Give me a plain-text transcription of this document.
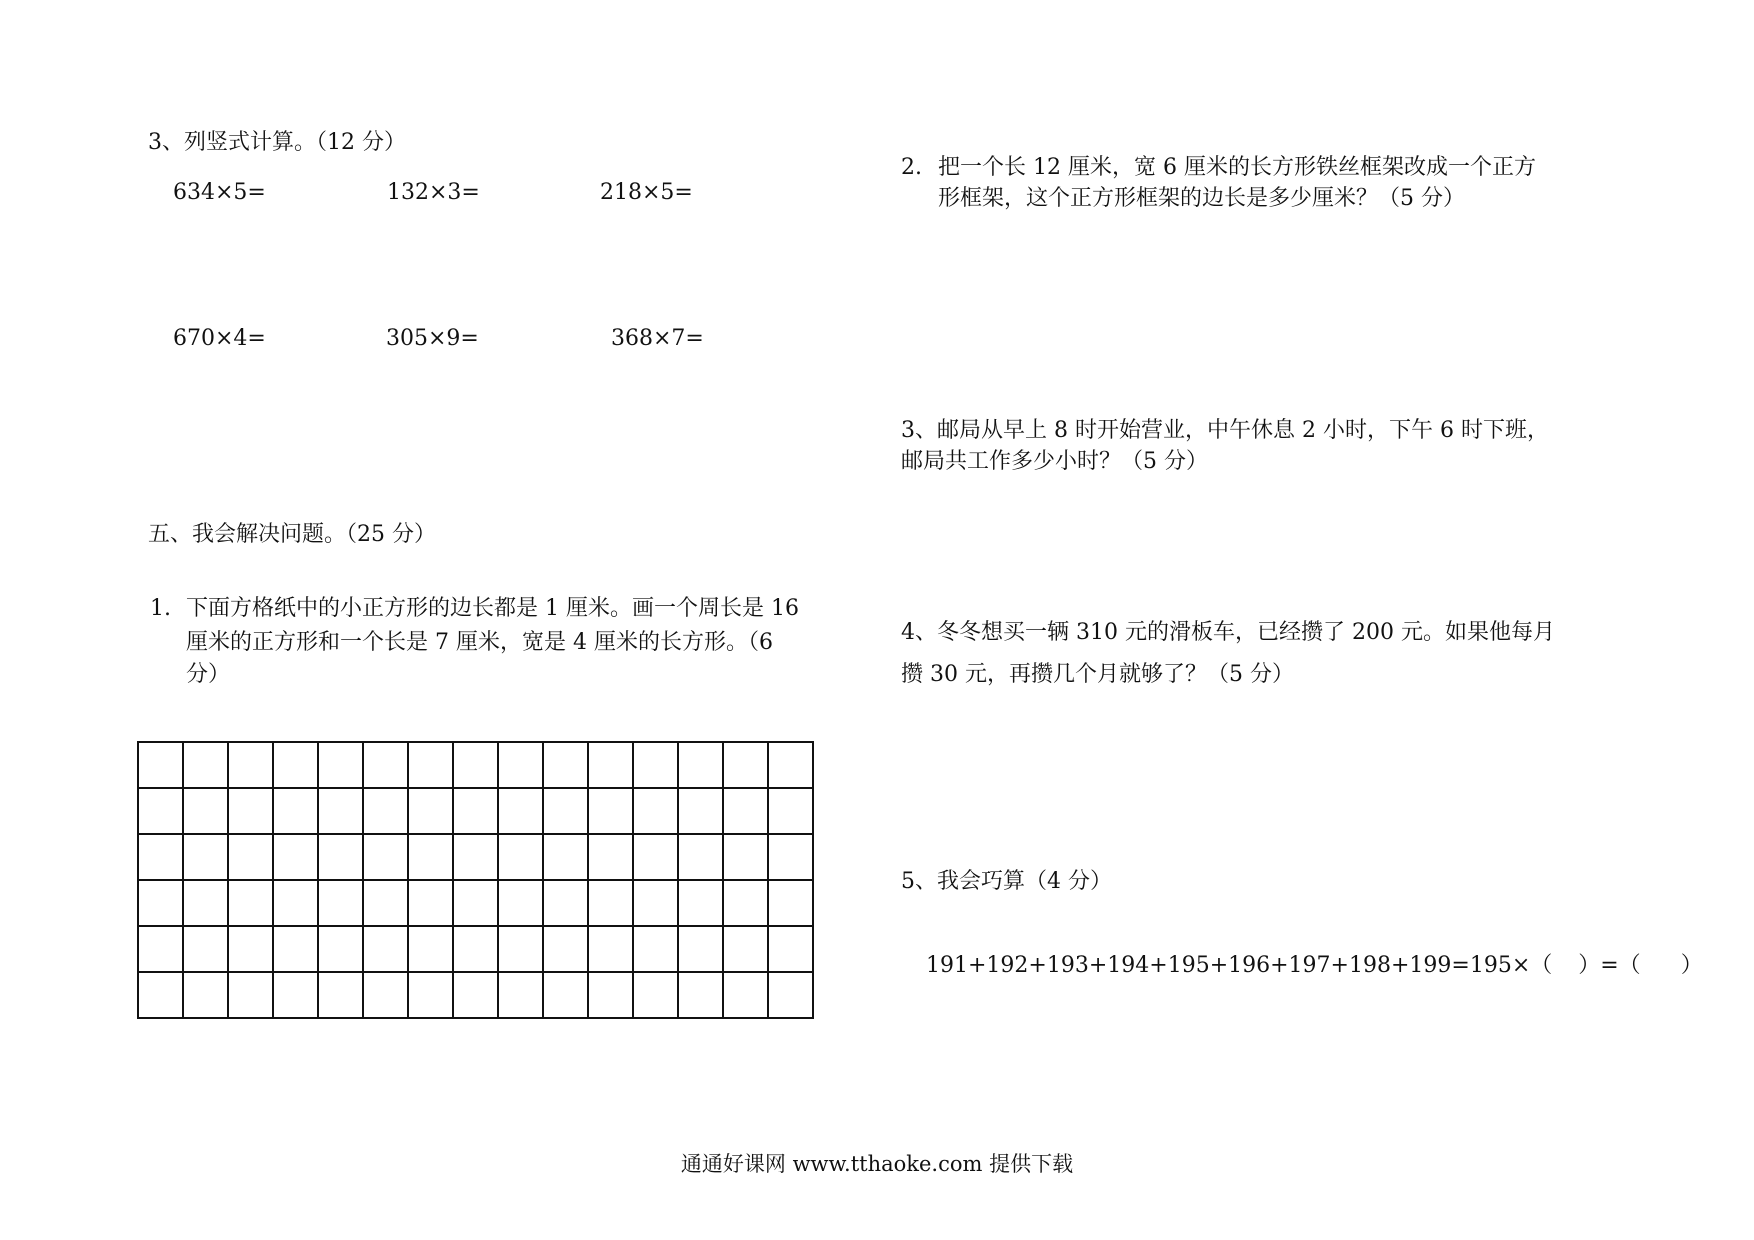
3、列竖式计算。（12 分）
634×5=	132×3=	218×5=
670×4=	305×9=	368×7=
五、我会解决问题。（25 分）
1. 下面方格纸中的小正方形的边长都是 1 厘米。画一个周长是 16
厘米的正方形和一个长是 7 厘米，宽是 4 厘米的长方形。（6
分）

2. 把一个长 12 厘米，宽 6 厘米的长方形铁丝框架改成一个正方
形框架，这个正方形框架的边长是多少厘米？（5 分）
3、邮局从早上 8 时开始营业，中午休息 2 小时，下午 6 时下班，
邮局共工作多少小时？（5 分）
4、冬冬想买一辆 310 元的滑板车，已经攒了 200 元。如果他每月
攒 30 元，再攒几个月就够了？（5 分）
5、我会巧算（4 分）
191+192+193+194+195+196+197+198+199=195×（ ）=（ ）
通通好课网 www.tthaoke.com 提供下载
